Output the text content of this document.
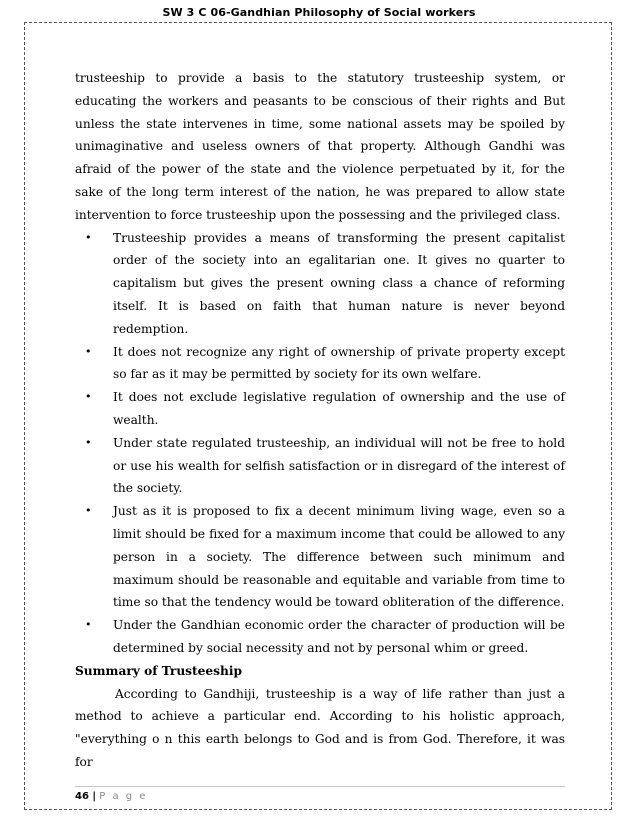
SW 3 C 06-Gandhian Philosophy of Social workers

trusteeship to provide a basis to the statutory trusteeship system, or educating the workers and peasants to be conscious of their rights and But unless the state intervenes in time, some national assets may be spoiled by unimaginative and useless owners of that property. Although Gandhi was afraid of the power of the state and the violence perpetuated by it, for the sake of the long term interest of the nation, he was prepared to allow state intervention to force trusteeship upon the possessing and the privileged class.

• Trusteeship provides a means of transforming the present capitalist order of the society into an egalitarian one. It gives no quarter to capitalism but gives the present owning class a chance of reforming itself. It is based on faith that human nature is never beyond redemption.
• It does not recognize any right of ownership of private property except so far as it may be permitted by society for its own welfare.
• It does not exclude legislative regulation of ownership and the use of wealth.
• Under state regulated trusteeship, an individual will not be free to hold or use his wealth for selfish satisfaction or in disregard of the interest of the society.
• Just as it is proposed to fix a decent minimum living wage, even so a limit should be fixed for a maximum income that could be allowed to any person in a society. The difference between such minimum and maximum should be reasonable and equitable and variable from time to time so that the tendency would be toward obliteration of the difference.
• Under the Gandhian economic order the character of production will be determined by social necessity and not by personal whim or greed.

Summary of Trusteeship

According to Gandhiji, trusteeship is a way of life rather than just a method to achieve a particular end. According to his holistic approach, "everything o n this earth belongs to God and is from God. Therefore, it was for

46 | P a g e
